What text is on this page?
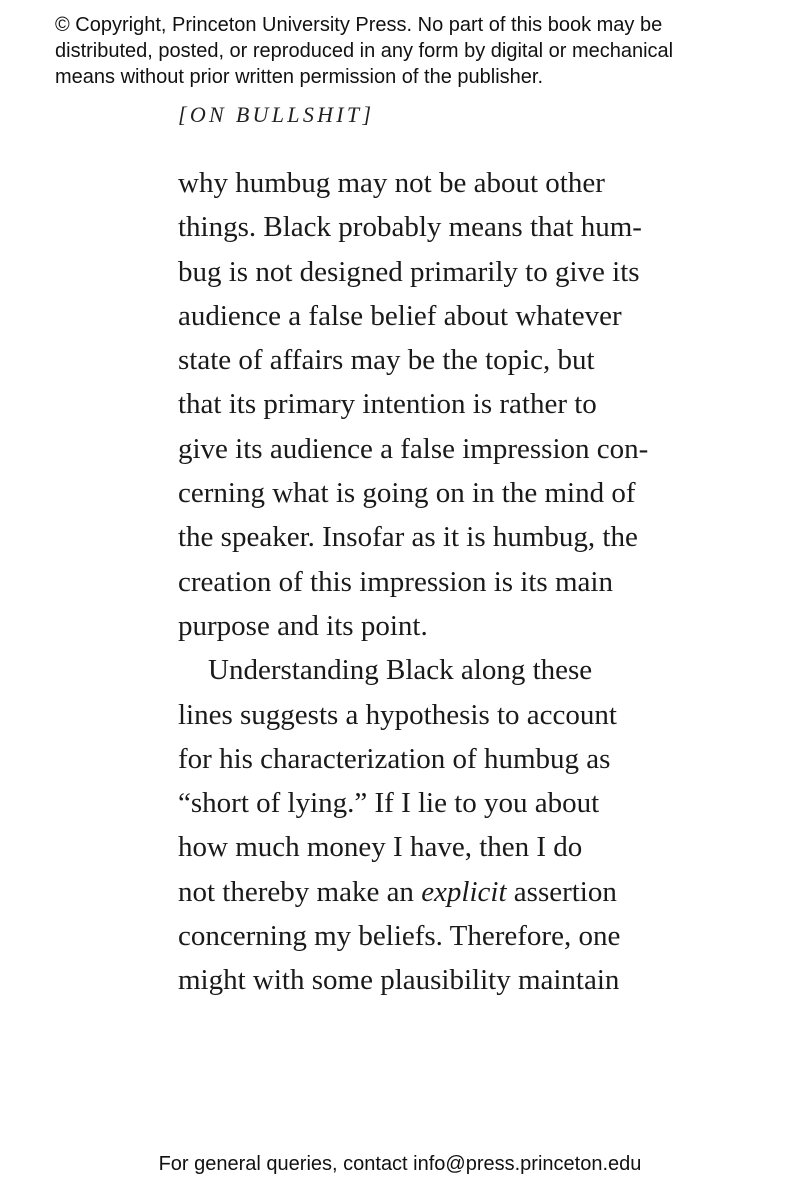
© Copyright, Princeton University Press. No part of this book may be
distributed, posted, or reproduced in any form by digital or mechanical
means without prior written permission of the publisher.
[ON BULLSHIT]
why humbug may not be about other
things. Black probably means that hum-
bug is not designed primarily to give its
audience a false belief about whatever
state of affairs may be the topic, but
that its primary intention is rather to
give its audience a false impression con-
cerning what is going on in the mind of
the speaker. Insofar as it is humbug, the
creation of this impression is its main
purpose and its point.
Understanding Black along these
lines suggests a hypothesis to account
for his characterization of humbug as
“short of lying.” If I lie to you about
how much money I have, then I do
not thereby make an explicit assertion
concerning my beliefs. Therefore, one
might with some plausibility maintain
For general queries, contact info@press.princeton.edu
